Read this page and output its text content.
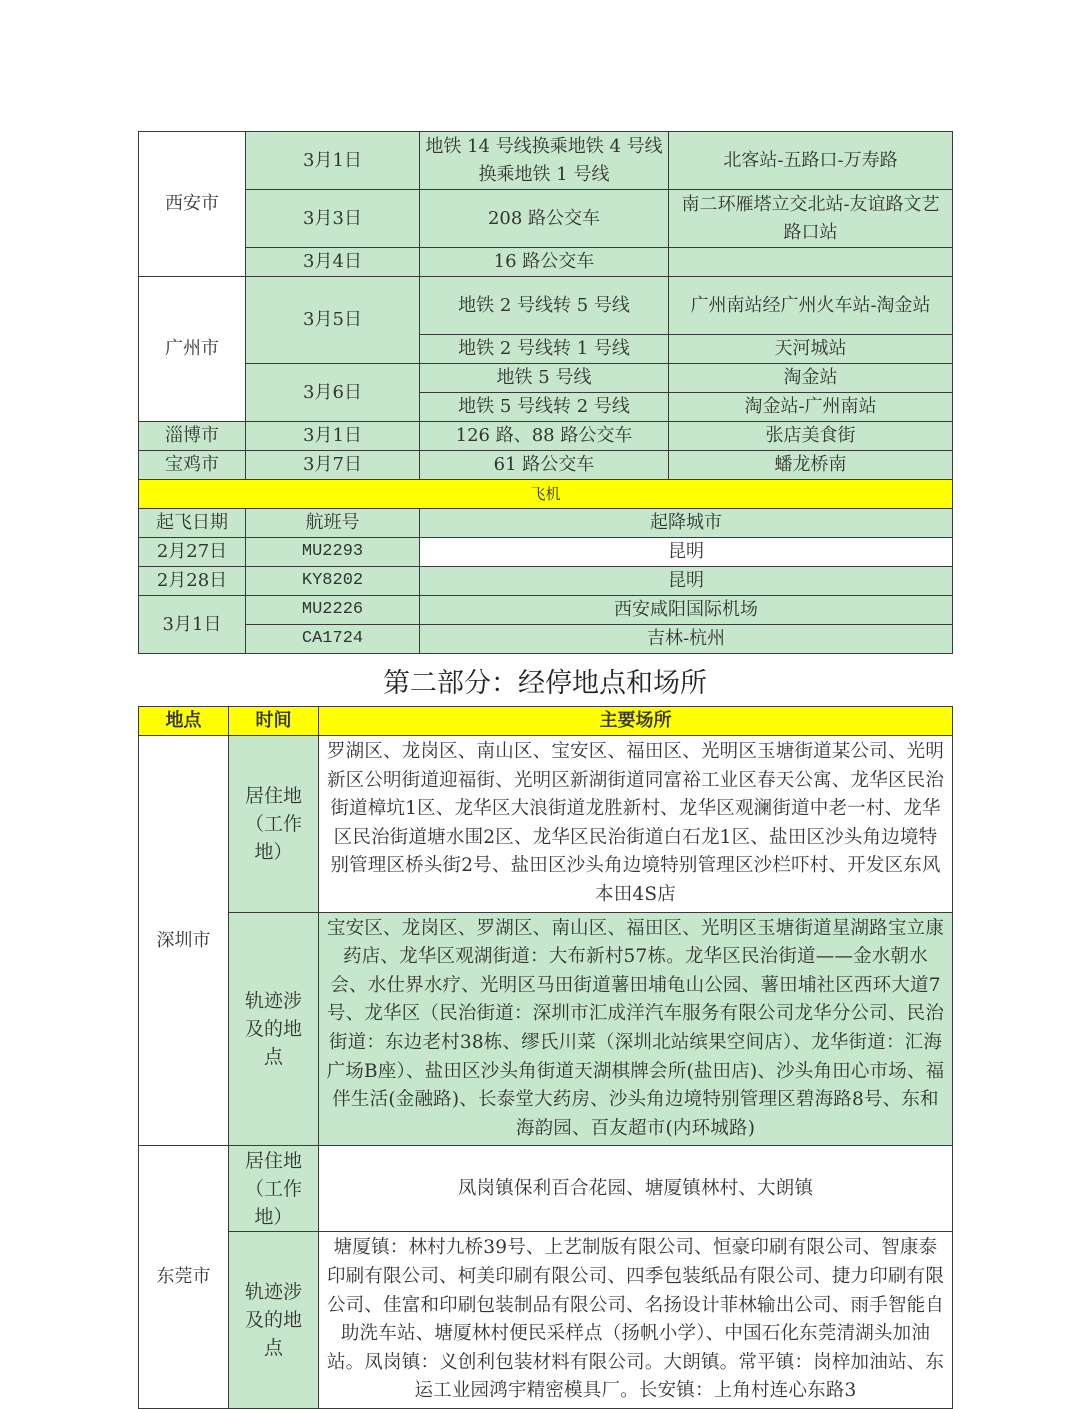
西安市	3月1日	地铁 14 号线换乘地铁 4 号线换乘地铁 1 号线	北客站-五路口-万寿路
	3月3日	208 路公交车	南二环雁塔立交北站-友谊路文艺路口站
	3月4日	16 路公交车	
广州市	3月5日	地铁 2 号线转 5 号线	广州南站经广州火车站-淘金站
		地铁 2 号线转 1 号线	天河城站
	3月6日	地铁 5 号线	淘金站
		地铁 5 号线转 2 号线	淘金站-广州南站
淄博市	3月1日	126 路、88 路公交车	张店美食街
宝鸡市	3月7日	61 路公交车	蟠龙桥南
飞机			
起飞日期	航班号	起降城市	
2月27日	MU2293	昆明	
2月28日	KY8202	昆明	
3月1日	MU2226	西安咸阳国际机场	
	CA1724	吉林-杭州	
第二部分：经停地点和场所
地点	时间	主要场所
深圳市	居住地（工作地）	罗湖区、龙岗区、南山区、宝安区、福田区、光明区玉塘街道某公司、光明新区公明街道迎福街、光明区新湖街道同富裕工业区春天公寓、龙华区民治街道樟坑1区、龙华区大浪街道龙胜新村、龙华区观澜街道中老一村、龙华区民治街道塘水围2区、龙华区民治街道白石龙1区、盐田区沙头角边境特别管理区桥头街2号、盐田区沙头角边境特别管理区沙栏吓村、开发区东风本田4S店
	轨迹涉及的地点	宝安区、龙岗区、罗湖区、南山区、福田区、光明区玉塘街道星湖路宝立康药店、龙华区观湖街道：大布新村57栋。龙华区民治街道——金水朝水会、水仕界水疗、光明区马田街道薯田埔龟山公园、薯田埔社区西环大道7号、龙华区（民治街道：深圳市汇成洋汽车服务有限公司龙华分公司、民治街道：东边老村38栋、缪氏川菜（深圳北站缤果空间店）、龙华街道：汇海广场B座）、盐田区沙头角街道天湖棋牌会所(盐田店)、沙头角田心市场、福伴生活(金融路)、长泰堂大药房、沙头角边境特别管理区碧海路8号、东和海韵园、百友超市(内环城路)
东莞市	居住地（工作地）	凤岗镇保利百合花园、塘厦镇林村、大朗镇
	轨迹涉及的地点	塘厦镇：林村九桥39号、上艺制版有限公司、恒豪印刷有限公司、智康泰印刷有限公司、柯美印刷有限公司、四季包装纸品有限公司、捷力印刷有限公司、佳富和印刷包装制品有限公司、名扬设计菲林输出公司、雨手智能自助洗车站、塘厦林村便民采样点（扬帆小学）、中国石化东莞清湖头加油站。凤岗镇：义创利包装材料有限公司。大朗镇。常平镇：岗梓加油站、东运工业园鸿宇精密模具厂。长安镇：上角村连心东路3
